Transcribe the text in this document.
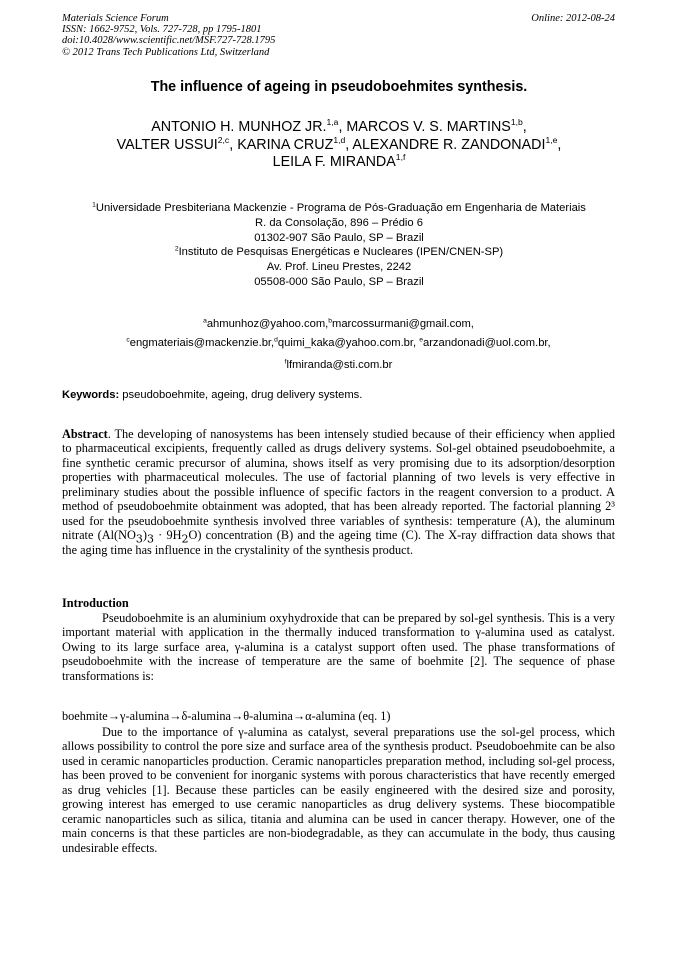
Materials Science Forum
ISSN: 1662-9752, Vols. 727-728, pp 1795-1801
doi:10.4028/www.scientific.net/MSF.727-728.1795
© 2012 Trans Tech Publications Ltd, Switzerland
Online: 2012-08-24
The influence of ageing in pseudoboehmites synthesis.
ANTONIO H. MUNHOZ JR.$^{1,a}$, MARCOS V. S. MARTINS$^{1,b}$,
VALTER USSUI$^{2,c}$, KARINA CRUZ$^{1,d}$, ALEXANDRE R. ZANDONADI$^{1,e}$,
LEILA F. MIRANDA$^{1,f}$
$^1$Universidade Presbiteriana Mackenzie - Programa de Pós-Graduação em Engenharia de Materiais
R. da Consolação, 896 – Prédio 6
01302-907 São Paulo, SP – Brazil
$^2$Instituto de Pesquisas Energéticas e Nucleares (IPEN/CNEN-SP)
Av. Prof. Lineu Prestes, 2242
05508-000 São Paulo, SP – Brazil
$^a$ahmunhoz@yahoo.com,$^b$marcossurmani@gmail.com,
$^c$engmateriais@mackenzie.br,$^d$quimi_kaka@yahoo.com.br, $^e$arzandonadi@uol.com.br,
$^f$lfmiranda@sti.com.br
Keywords: pseudoboehmite, ageing, drug delivery systems.
Abstract. The developing of nanosystems has been intensely studied because of their efficiency when applied to pharmaceutical excipients, frequently called as drugs delivery systems. Sol-gel obtained pseudoboehmite, a fine synthetic ceramic precursor of alumina, shows itself as very promising due to its adsorption/desorption properties with pharmaceutical molecules. The use of factorial planning of two levels is very effective in preliminary studies about the possible influence of specific factors in the reagent conversion to a product. A method of pseudoboehmite obtainment was adopted, that has been already reported. The factorial planning 2³ used for the pseudoboehmite synthesis involved three variables of synthesis: temperature (A), the aluminum nitrate $(Al(NO_3)_3 \cdot 9H_2O)$ concentration (B) and the ageing time (C). The X-ray diffraction data shows that the aging time has influence in the crystalinity of the synthesis product.
Introduction
Pseudoboehmite is an aluminium oxyhydroxide that can be prepared by sol-gel synthesis. This is a very important material with application in the thermally induced transformation to γ-alumina used as catalyst. Owing to its large surface area, γ-alumina is a catalyst support often used. The phase transformations of pseudoboehmite with the increase of temperature are the same of boehmite [2]. The sequence of phase transformations is:
boehmite→γ-alumina→δ-alumina→θ-alumina→α-alumina (eq. 1)
Due to the importance of γ-alumina as catalyst, several preparations use the sol-gel process, which allows possibility to control the pore size and surface area of the synthesis product. Pseudoboehmite can be also used in ceramic nanoparticles production. Ceramic nanoparticles preparation method, including sol-gel process, has been proved to be convenient for inorganic systems with porous characteristics that have recently emerged as drug vehicles [1]. Because these particles can be easily engineered with the desired size and porosity, growing interest has emerged to use ceramic nanoparticles as drug delivery systems. These biocompatible ceramic nanoparticles such as silica, titania and alumina can be used in cancer therapy. However, one of the main concerns is that these particles are non-biodegradable, as they can accumulate in the body, thus causing undesirable effects.
